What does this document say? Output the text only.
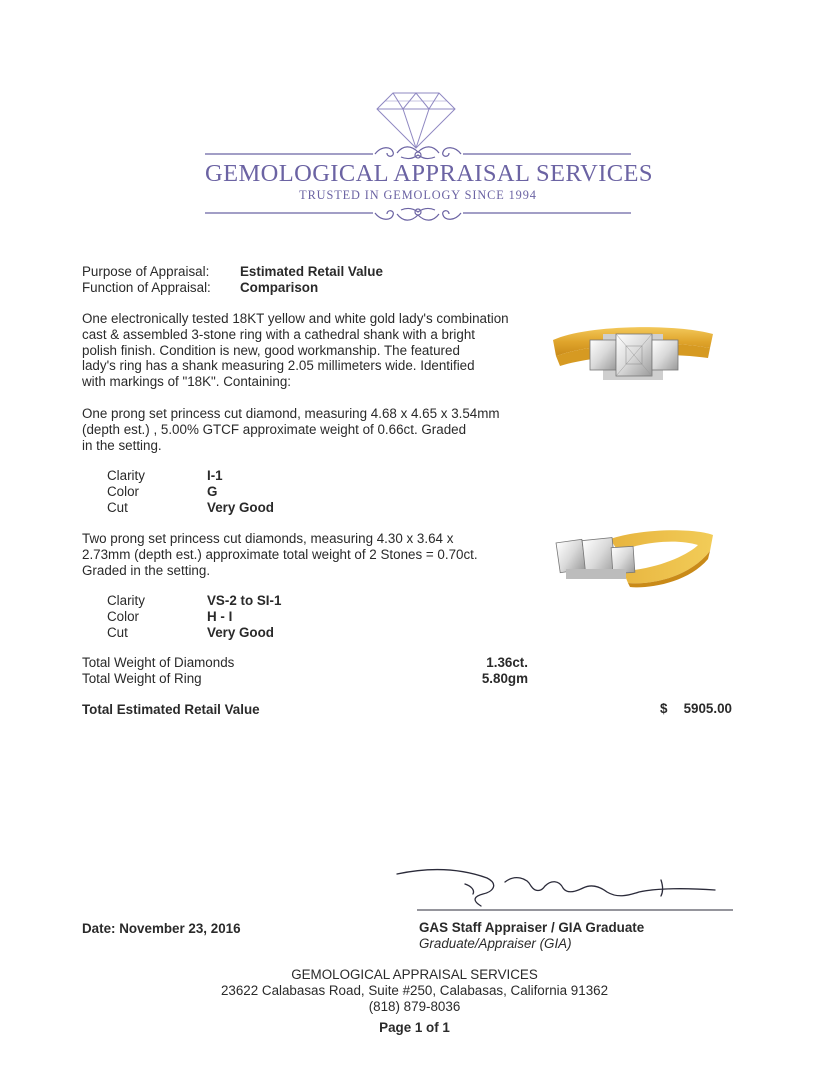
GEMOLOGICAL APPRAISAL SERVICES
TRUSTED IN GEMOLOGY SINCE 1994
Purpose of Appraisal: Estimated Retail Value
Function of Appraisal: Comparison
One electronically tested 18KT yellow and white gold lady's combination
cast & assembled 3-stone ring with a cathedral shank with a bright
polish finish. Condition is new, good workmanship. The featured
lady's ring has a shank measuring 2.05 millimeters wide. Identified
with markings of "18K". Containing:
One prong set princess cut diamond, measuring 4.68 x 4.65 x 3.54mm
(depth est.) , 5.00% GTCF approximate weight of 0.66ct. Graded
in the setting.
Clarity	I-1
Color	G
Cut	Very Good
Two prong set princess cut diamonds, measuring 4.30 x 3.64 x
2.73mm (depth est.) approximate total weight of 2 Stones = 0.70ct.
Graded in the setting.
Clarity	VS-2 to SI-1
Color	H - I
Cut	Very Good
Total Weight of Diamonds	1.36ct.
Total Weight of Ring	5.80gm
Total Estimated Retail Value	$	5905.00
Date: November 23, 2016	GAS Staff Appraiser / GIA Graduate
Graduate/Appraiser (GIA)
GEMOLOGICAL APPRAISAL SERVICES
23622 Calabasas Road, Suite #250, Calabasas, California 91362
(818) 879-8036
Page 1 of 1
